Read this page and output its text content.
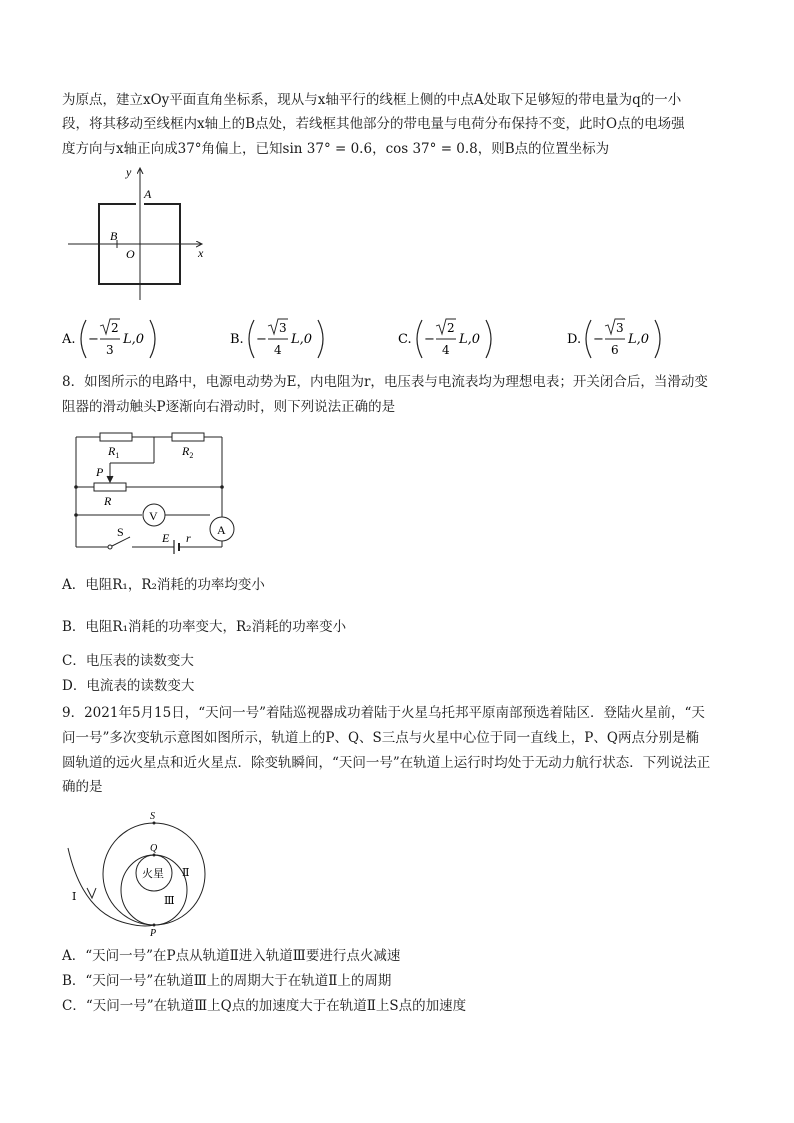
为原点，建立xOy平面直角坐标系，现从与x轴平行的线框上侧的中点A处取下足够短的带电量为q的一小

段，将其移动至线框内x轴上的B点处，若线框其他部分的带电量与电荷分布保持不变，此时O点的电场强

度方向与x轴正向成37°角偏上，已知sin 37° = 0.6，cos 37° = 0.8，则B点的位置坐标为

y
x
A
B
O
A. −
2
3
L,0	B. −
3
4
L,0	C. −
2
4
L,0	D. −
3
6
L,0

8．如图所示的电路中，电源电动势为E，内电阻为r，电压表与电流表均为理想电表；开关闭合后，当滑动变

阻器的滑动触头P逐渐向右滑动时，则下列说法正确的是

$R_1$	$R_2$
P
R
V
A
S	E r

A．电阻R₁，R₂消耗的功率均变小

B．电阻R₁消耗的功率变大，R₂消耗的功率变小

C．电压表的读数变大

D．电流表的读数变大

9．2021年5月15日，“天问一号”着陆巡视器成功着陆于火星乌托邦平原南部预选着陆区．登陆火星前，“天

问一号”多次变轨示意图如图所示，轨道上的P、Q、S三点与火星中心位于同一直线上，P、Q两点分别是椭

圆轨道的远火星点和近火星点．除变轨瞬间，“天问一号”在轨道上运行时均处于无动力航行状态．下列说法正

确的是

S
Q
火星 Ⅱ
Ⅲ
Ⅰ
P

A．“天问一号”在P点从轨道Ⅱ进入轨道Ⅲ要进行点火减速

B．“天问一号”在轨道Ⅲ上的周期大于在轨道Ⅱ上的周期

C．“天问一号”在轨道Ⅲ上Q点的加速度大于在轨道Ⅱ上S点的加速度
